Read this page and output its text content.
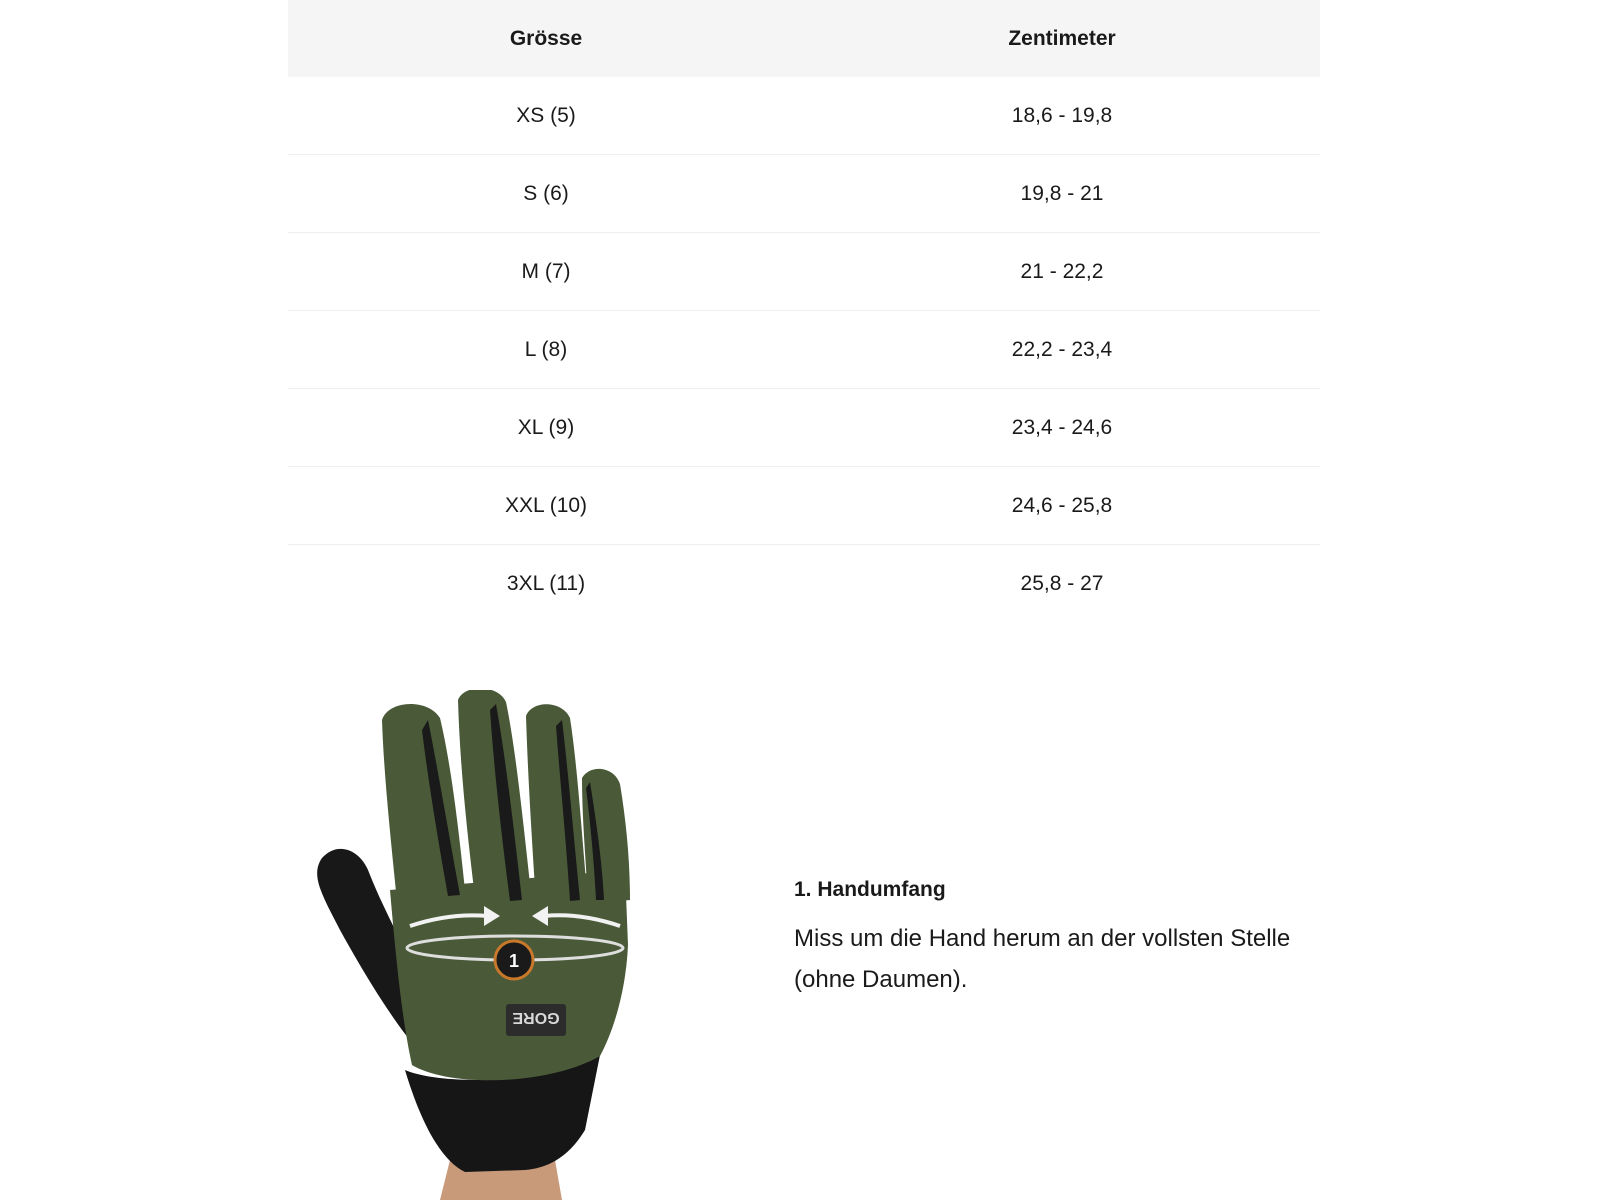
Grösse	Zentimeter
XS (5)	18,6 - 19,8
S (6)	19,8 - 21
M (7)	21 - 22,2
L (8)	22,2 - 23,4
XL (9)	23,4 - 24,6
XXL (10)	24,6 - 25,8
3XL (11)	25,8 - 27
1
GORE

1. Handumfang

Miss um die Hand herum an der vollsten Stelle (ohne Daumen).
